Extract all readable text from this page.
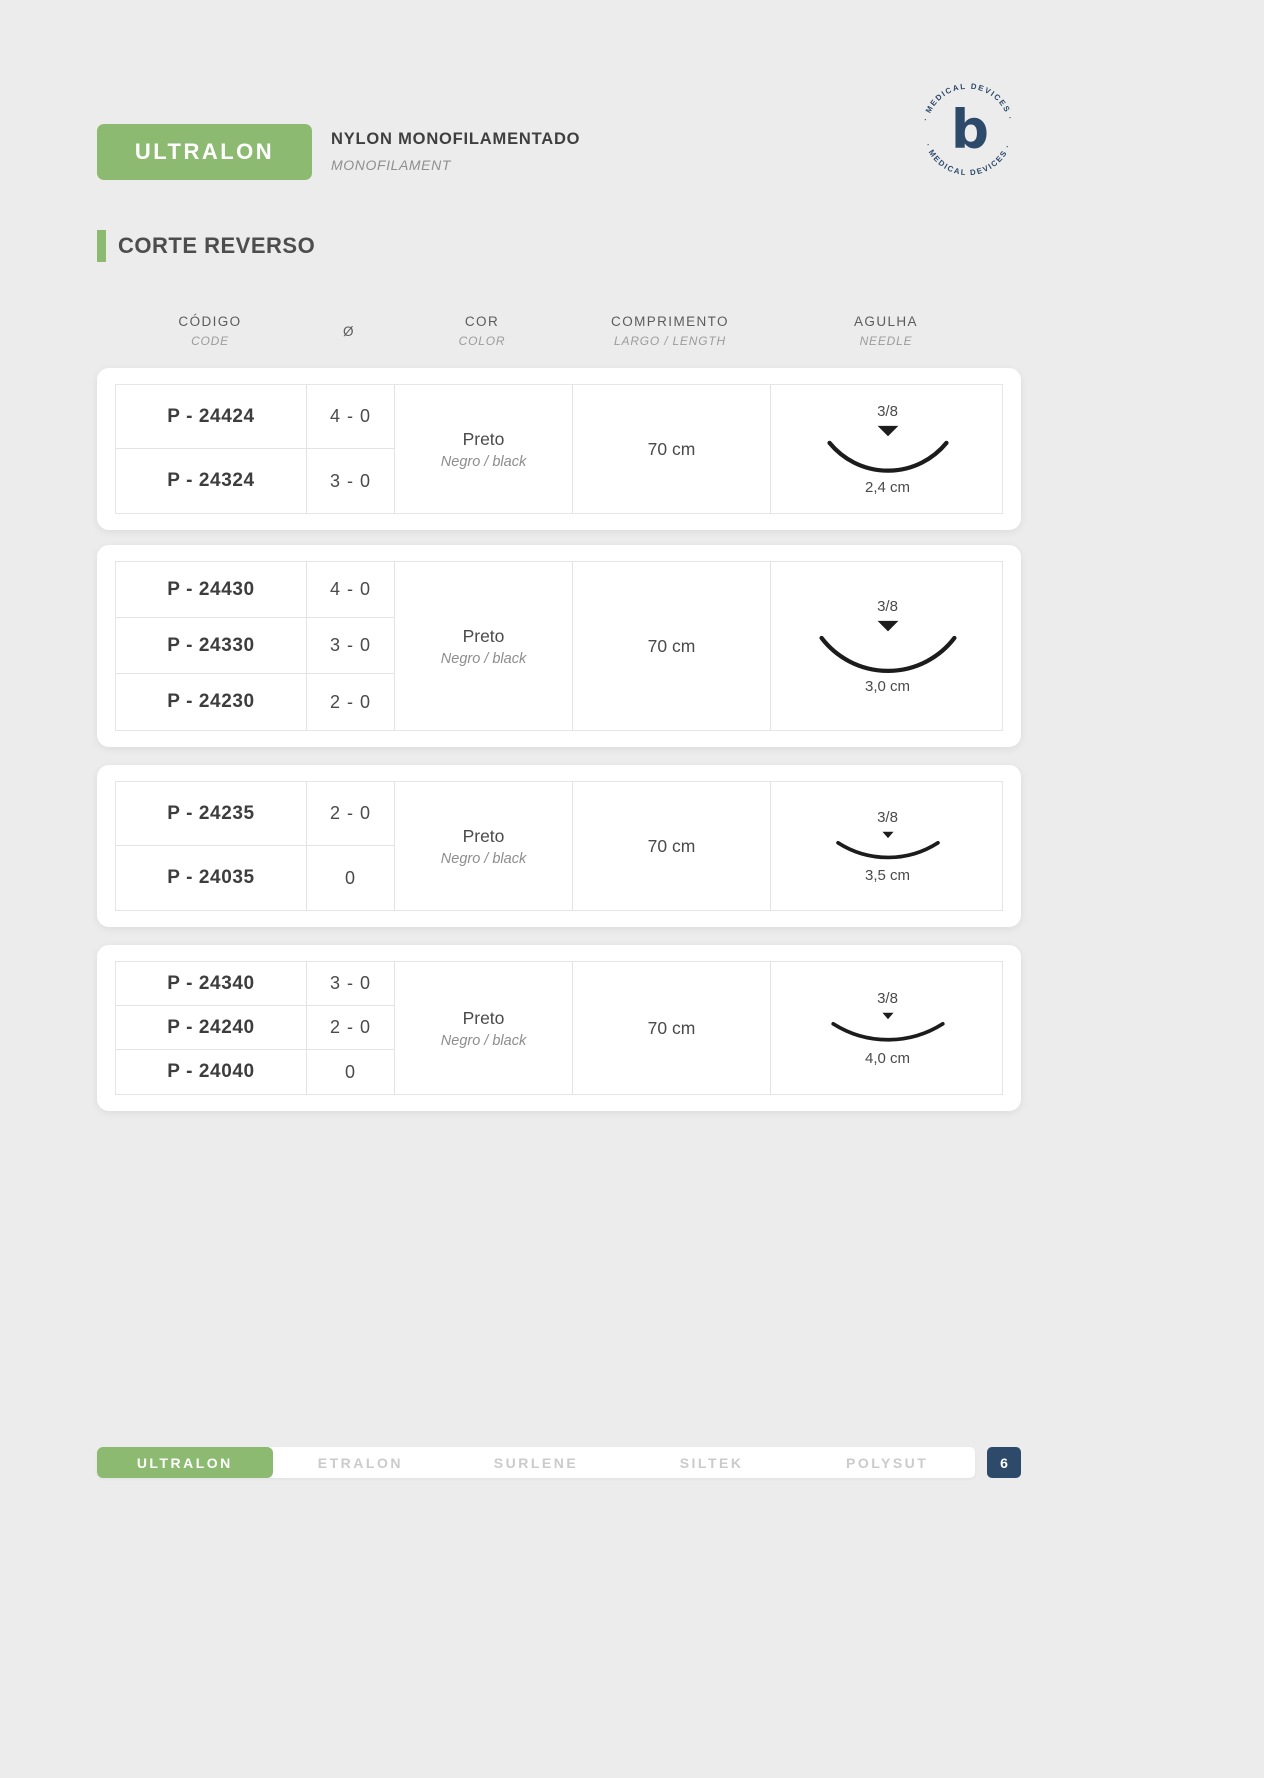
ULTRALON	NYLON MONOFILAMENTADO
MONOFILAMENT
· MEDICAL DEVICES ·
· MEDICAL DEVICES ·
b
CORTE REVERSO
CÓDIGO
CODE
Ø
COR
COLOR
COMPRIMENTO
LARGO / LENGTH
AGULHA
NEEDLE
P - 24424	4 - 0
P - 24324	3 - 0
Preto
Negro / black
70 cm
3/8
2,4 cm
P - 24430	4 - 0
P - 24330	3 - 0
P - 24230	2 - 0
Preto
Negro / black
70 cm
3/8
3,0 cm
P - 24235	2 - 0
P - 24035	0
Preto
Negro / black
70 cm
3/8
3,5 cm
P - 24340	3 - 0
P - 24240	2 - 0
P - 24040	0
Preto
Negro / black
70 cm
3/8
4,0 cm
ULTRALON	ETRALON	SURLENE	SILTEK	POLYSUT	6
